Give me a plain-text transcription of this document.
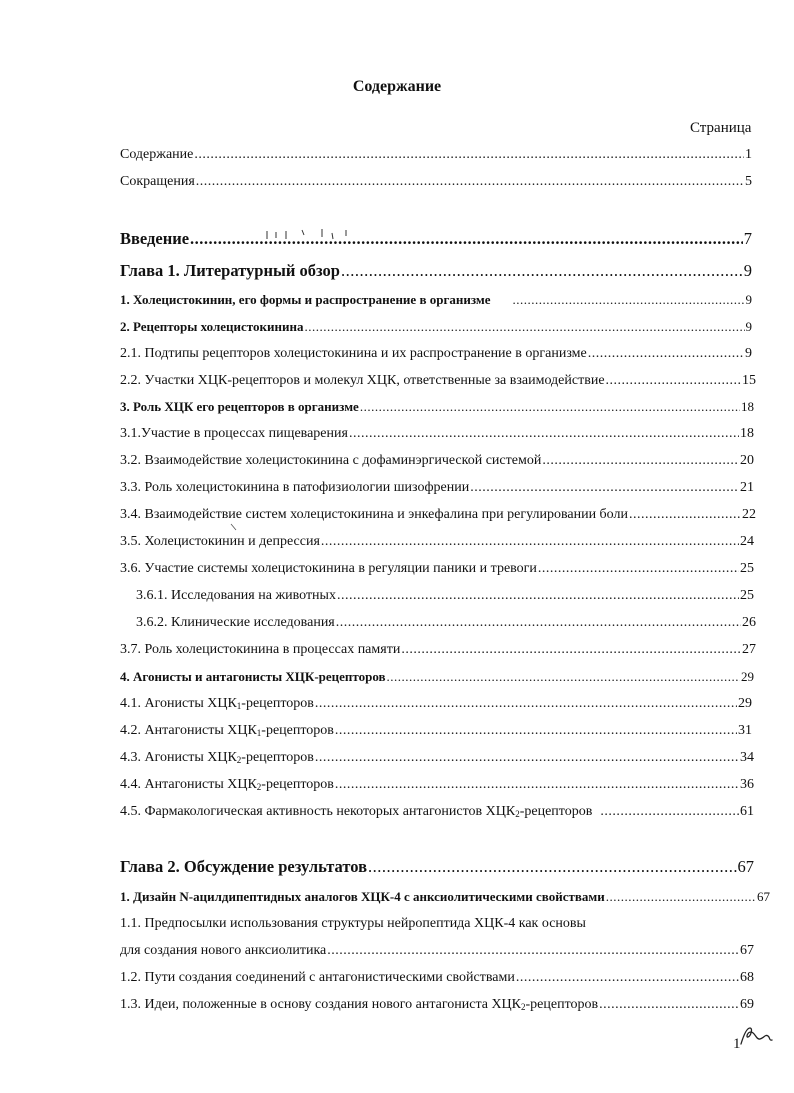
Содержание
Страница
Содержание .....	1
Сокращения .....	5
Введение .....	7
Глава 1. Литературный обзор .....	9
1. Холецистокинин, его формы и распространение в организме .....	9
2. Рецепторы холецистокинина .....	9
2.1. Подтипы рецепторов холецистокинина и их распространение в организме .....	9
2.2. Участки ХЦК-рецепторов и молекул ХЦК, ответственные за взаимодействие .....	15
3. Роль ХЦК его рецепторов в организме .....	18
3.1.Участие в процессах пищеварения .....	18
3.2. Взаимодействие холецистокинина с дофаминэргической системой .....	20
3.3. Роль холецистокинина в патофизиологии шизофрении .....	21
3.4. Взаимодействие систем холецистокинина и энкефалина при регулировании боли .....	22
3.5. Холецистокинин и депрессия .....	24
3.6. Участие системы холецистокинина в регуляции паники и тревоги .....	25
3.6.1. Исследования на животных .....	25
3.6.2. Клинические исследования .....	26
3.7. Роль холецистокинина в процессах памяти .....	27
4. Агонисты и антагонисты ХЦК-рецепторов .....	29
4.1. Агонисты $ХЦК_1$-рецепторов .....	29
4.2. Антагонисты $ХЦК_1$-рецепторов .....	31
4.3. Агонисты $ХЦК_2$-рецепторов .....	34
4.4. Антагонисты $ХЦК_2$-рецепторов .....	36
4.5. Фармакологическая активность некоторых антагонистов $ХЦК_2$-рецепторов .....	61
Глава 2. Обсуждение результатов .....	67
1. Дизайн N-ацилдипептидных аналогов ХЦК-4 с анксиолитическими свойствами .....	67
1.1. Предпосылки использования структуры нейропептида ХЦК-4 как основы
для создания нового анксиолитика .....	67
1.2. Пути создания соединений с антагонистическими свойствами .....	68
1.3. Идеи, положенные в основу создания нового антагониста $ХЦК_2$-рецепторов .....	69
1
